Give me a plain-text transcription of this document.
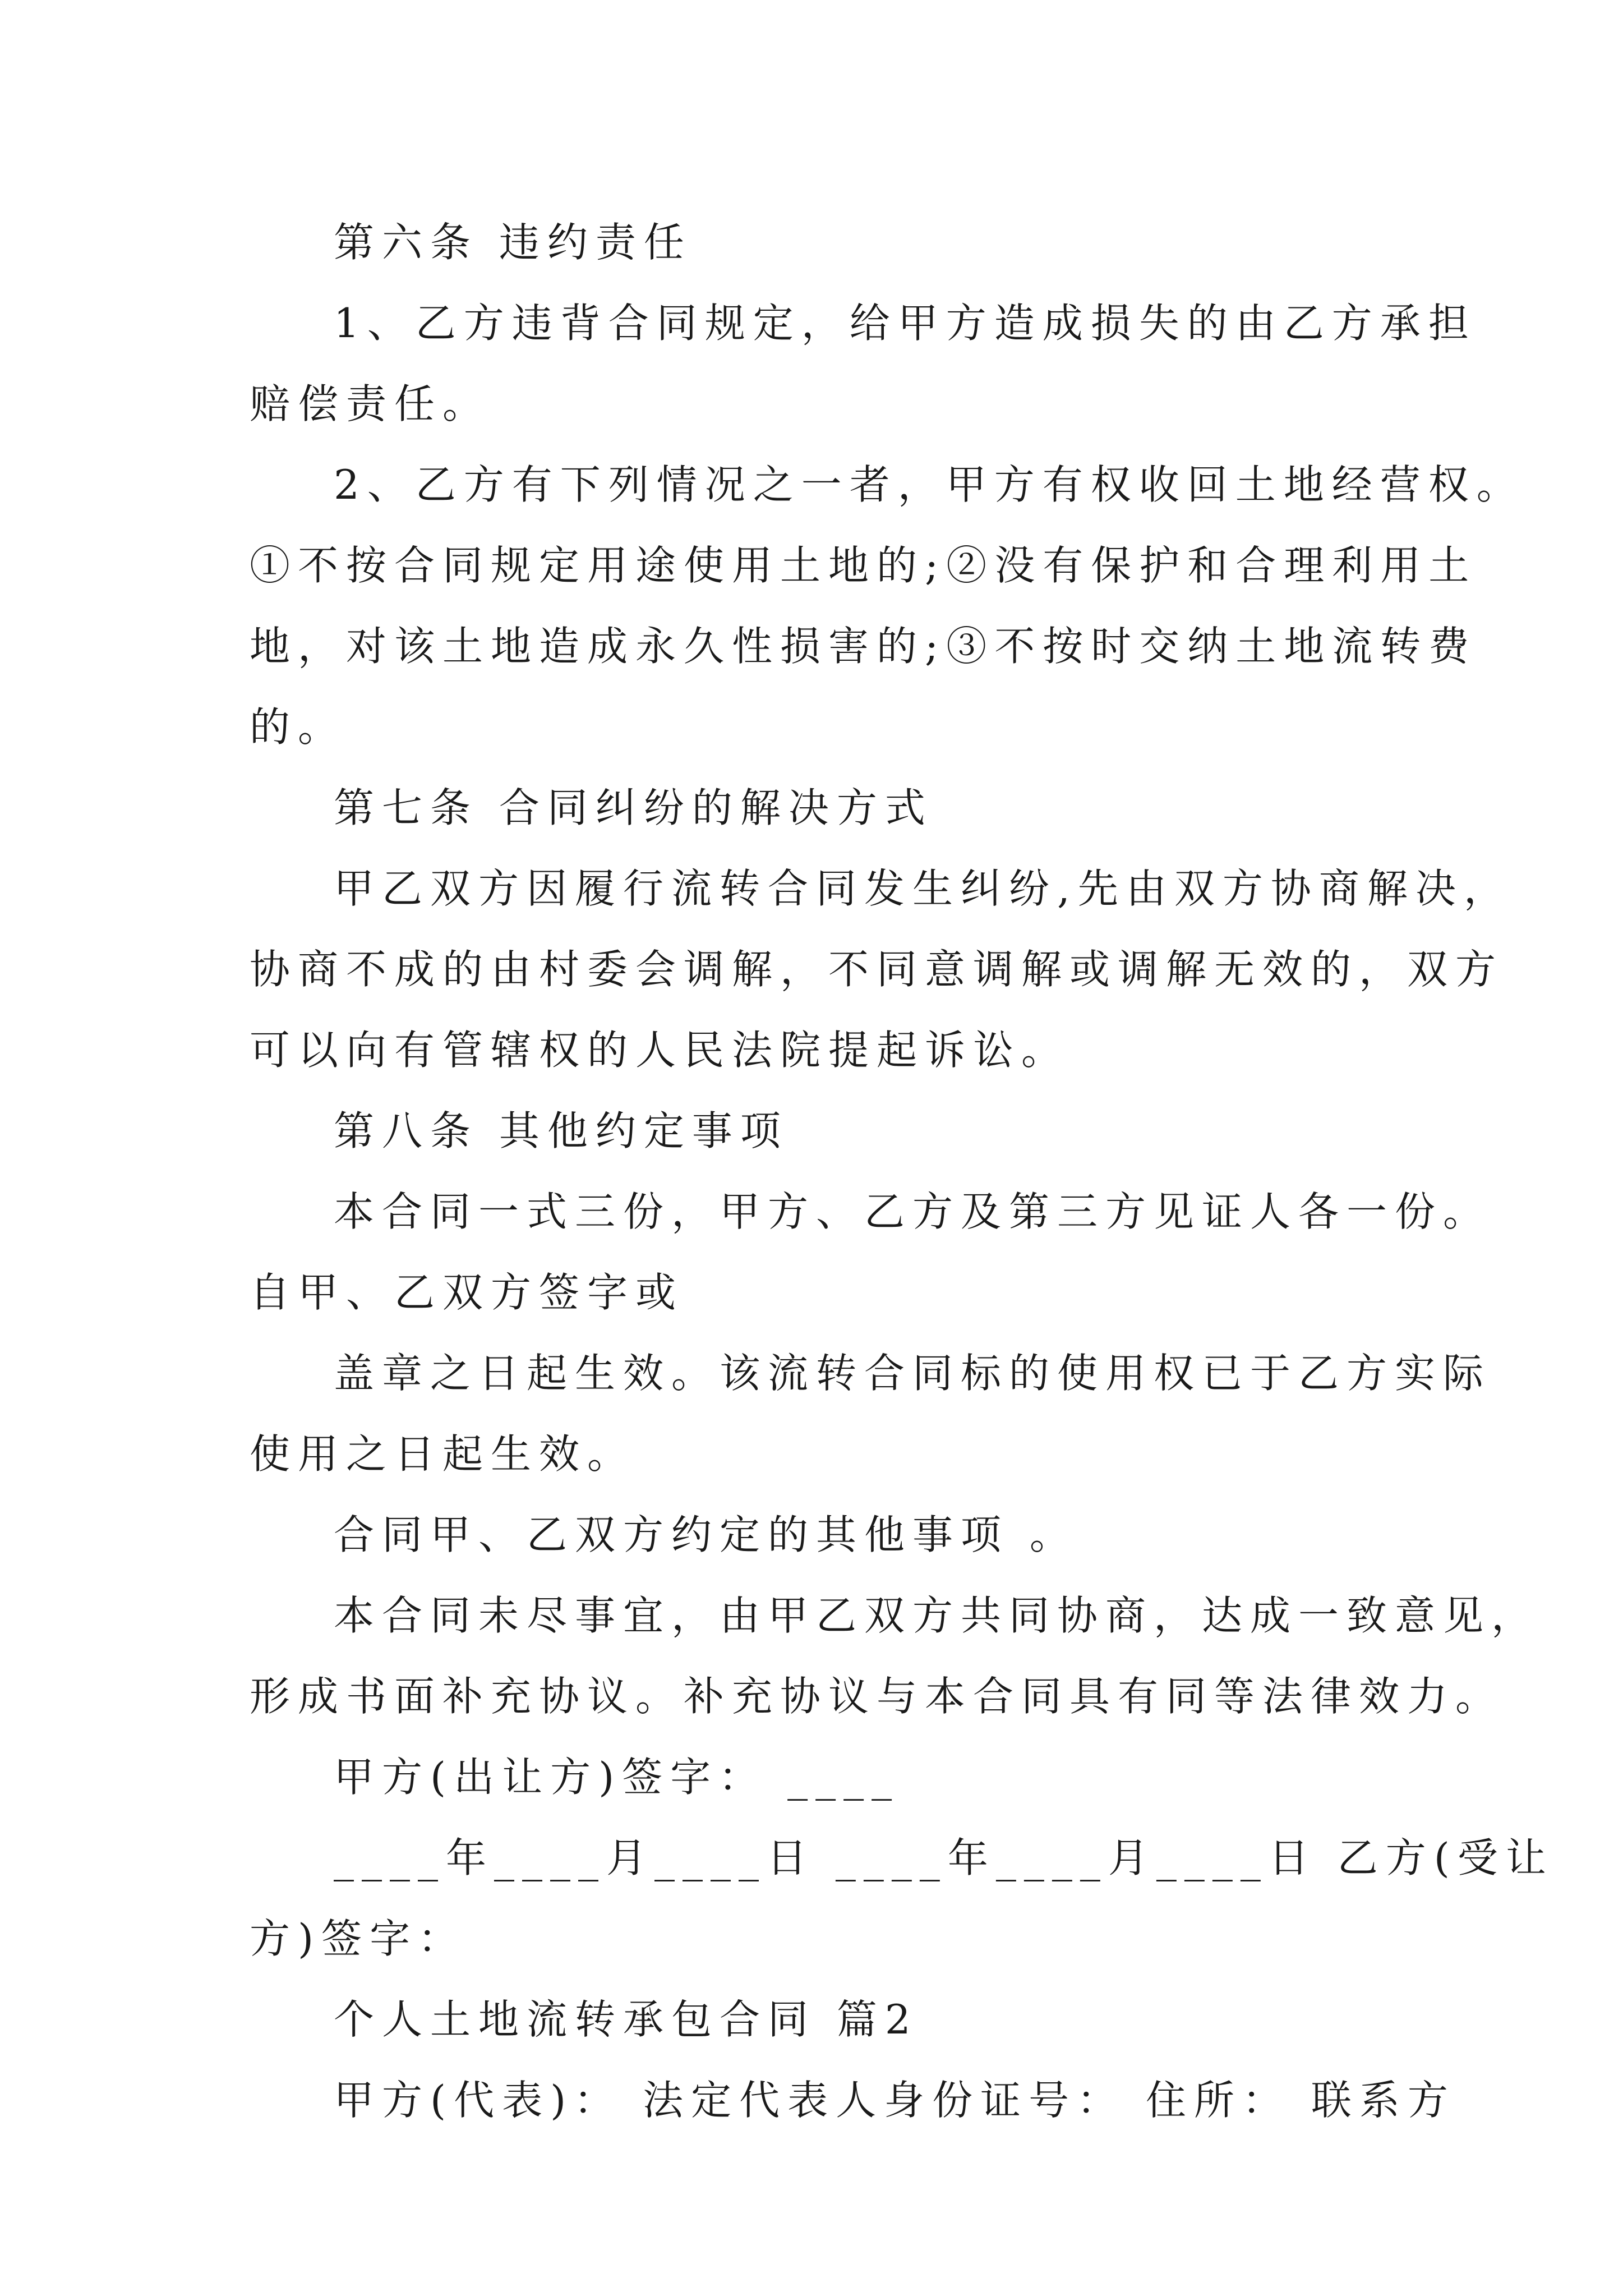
第六条 违约责任
1、乙方违背合同规定，给甲方造成损失的由乙方承担
赔偿责任。
2、乙方有下列情况之一者，甲方有权收回土地经营权。
①不按合同规定用途使用土地的;②没有保护和合理利用土
地，对该土地造成永久性损害的;③不按时交纳土地流转费
的。
第七条 合同纠纷的解决方式
甲乙双方因履行流转合同发生纠纷,先由双方协商解决，
协商不成的由村委会调解，不同意调解或调解无效的，双方
可以向有管辖权的人民法院提起诉讼。
第八条 其他约定事项
本合同一式三份，甲方、乙方及第三方见证人各一份。
自甲、乙双方签字或
盖章之日起生效。该流转合同标的使用权已于乙方实际
使用之日起生效。
合同甲、乙双方约定的其他事项 。
本合同未尽事宜，由甲乙双方共同协商，达成一致意见，
形成书面补充协议。补充协议与本合同具有同等法律效力。
甲方(出让方)签字： ____
____年____月____日 ____年____月____日 乙方(受让
方)签字：
个人土地流转承包合同 篇2
甲方(代表)： 法定代表人身份证号： 住所： 联系方
